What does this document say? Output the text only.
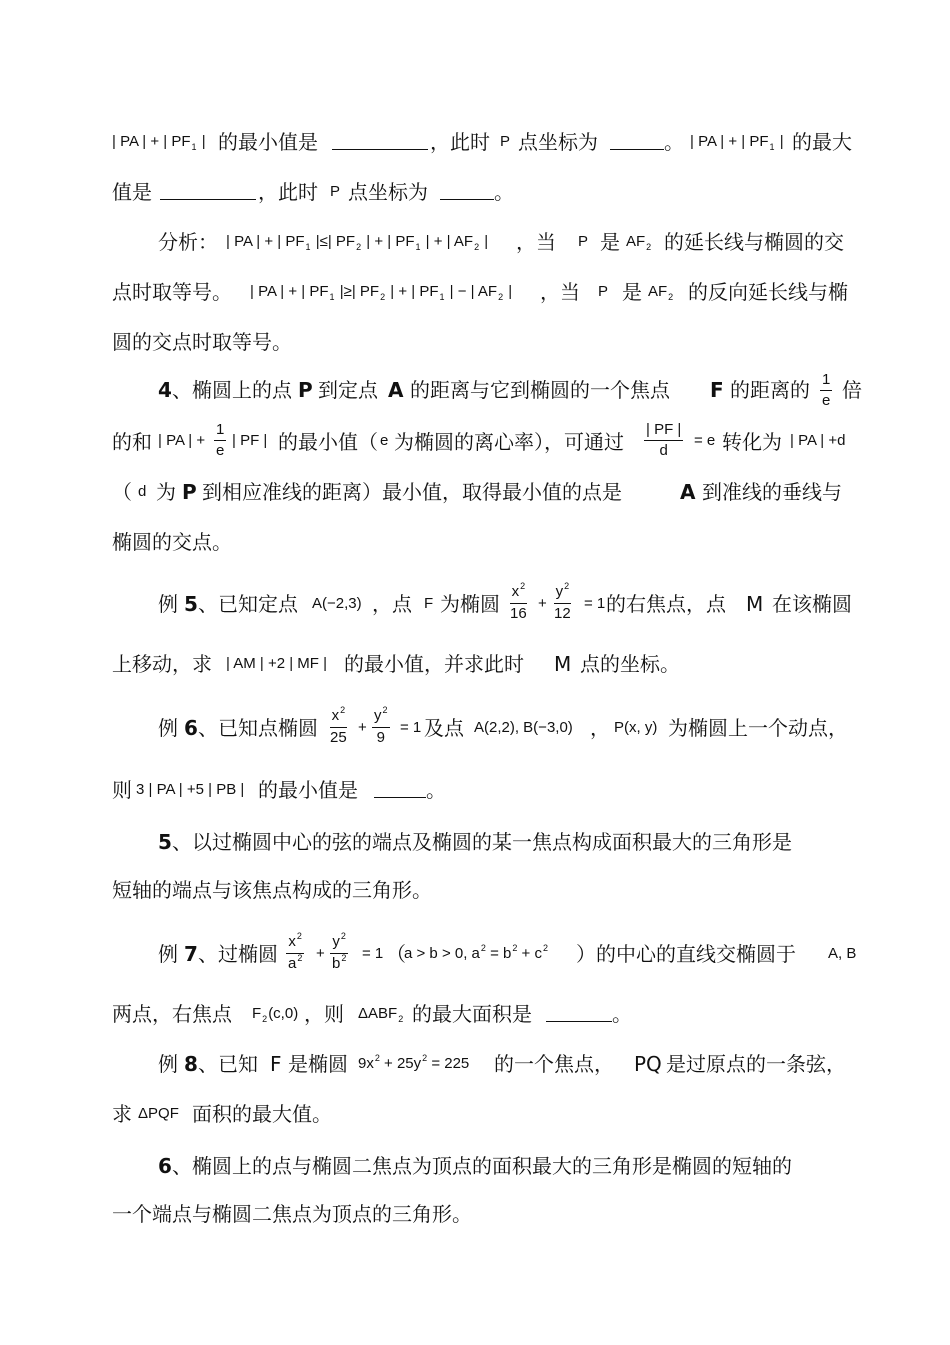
| PA | + | $PF_1$ | 的最小值是	，此时 P 点坐标为	。 | PA | + | $PF_1$ | 的最大
值是	，此时 P 点坐标为	。
分析： | PA | + | $PF_1$ |≤| $PF_2$ | + | $PF_1$ | + | $AF_2$ | ，当 P 是 $AF_2$ 的延长线与椭圆的交
点时取等号。 | PA | + | $PF_1$ |≥| $PF_2$ | + | $PF_1$ | − | $AF_2$ | ，当 P 是 $AF_2$ 的反向延长线与椭
圆的交点时取等号。
4 、椭圆上的点 P 到定点 A 的距离与它到椭圆的一个焦点 F 的距离的 $\frac{1}{e}$ 倍
的和 | PA | + $\frac{1}{e}$ | PF | 的最小值（ e 为椭圆的离心率），可通过 $\frac{| PF |}{d} = e$ 转化为 | PA | +d
（ d 为 P 到相应准线的距离）最小值，取得最小值的点是	A 到准线的垂线与
椭圆的交点。
例 5 、已知定点 A(−2,3) ，点 F 为椭圆 $\frac{x^2}{16} + \frac{y^2}{12} = 1$ 的右焦点，点 M 在该椭圆
上移动，求 | AM | +2 | MF | 的最小值，并求此时 M 点的坐标。
例 6 、已知点椭圆 $\frac{x^2}{25} + \frac{y^2}{9} = 1$ 及点 A(2,2), B(−3,0) ， P(x, y) 为椭圆上一个动点，
则 3 | PA | +5 | PB | 的最小值是	。
5 、以过椭圆中心的弦的端点及椭圆的某一焦点构成面积最大的三角形是
短轴的端点与该焦点构成的三角形。
例 7 、过椭圆 $\frac{x^2}{a^2} + \frac{y^2}{b^2} = 1$ （
a > b > 0, $a^2 = b^2 + c^2$ ）的中心的直线交椭圆于 A, B
两点，右焦点 $F_2(c,0)$ ，则 $\Delta ABF_2$ 的最大面积是	。
例 8 、已知 F 是椭圆 $9x^2 + 25y^2 = 225$ 的一个焦点， PQ 是过原点的一条弦，
求 ΔPQF 面积的最大值。
6 、椭圆上的点与椭圆二焦点为顶点的面积最大的三角形是椭圆的短轴的
一个端点与椭圆二焦点为顶点的三角形。
